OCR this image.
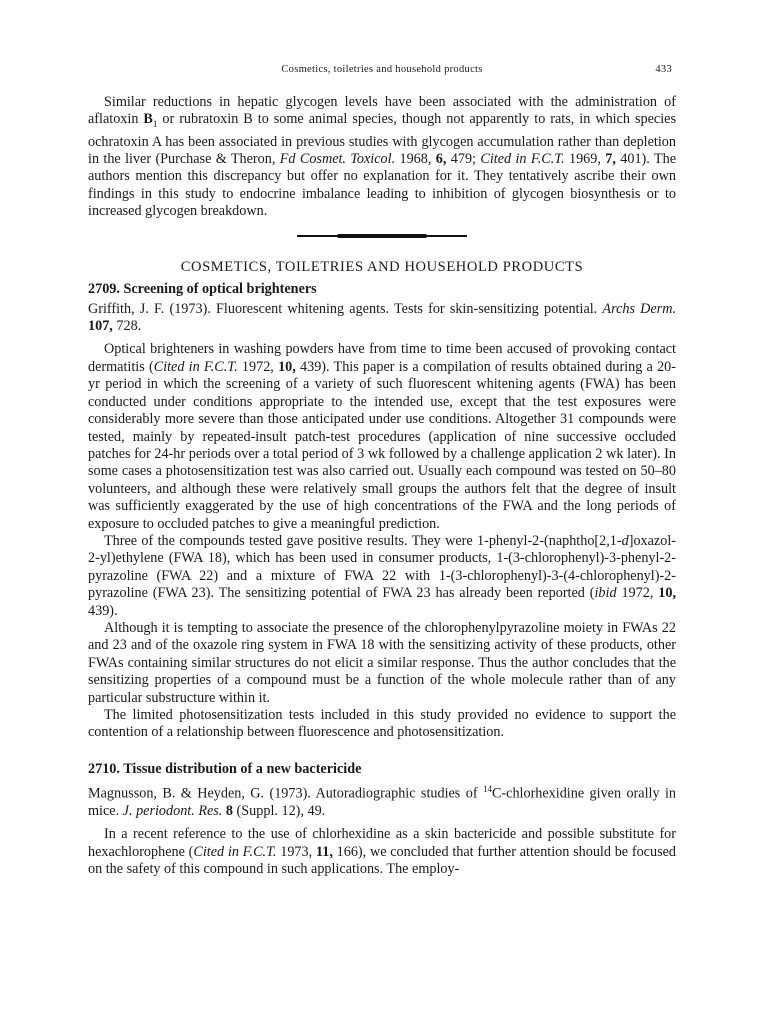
Cosmetics, toiletries and household products	433

Similar reductions in hepatic glycogen levels have been associated with the administration of aflatoxin $B_1$ or rubratoxin B to some animal species, though not apparently to rats, in which species ochratoxin A has been associated in previous studies with glycogen accumulation rather than depletion in the liver (Purchase & Theron, Fd Cosmet. Toxicol. 1968, 6, 479; Cited in F.C.T. 1969, 7, 401). The authors mention this discrepancy but offer no explanation for it. They tentatively ascribe their own findings in this study to endocrine imbalance leading to inhibition of glycogen biosynthesis or to increased glycogen breakdown.

COSMETICS, TOILETRIES AND HOUSEHOLD PRODUCTS
2709. Screening of optical brighteners

Griffith, J. F. (1973). Fluorescent whitening agents. Tests for skin-sensitizing potential. Archs Derm. 107, 728.

Optical brighteners in washing powders have from time to time been accused of provoking contact dermatitis (Cited in F.C.T. 1972, 10, 439). This paper is a compilation of results obtained during a 20-yr period in which the screening of a variety of such fluorescent whitening agents (FWA) has been conducted under conditions appropriate to the intended use, except that the test exposures were considerably more severe than those anticipated under use conditions. Altogether 31 compounds were tested, mainly by repeated-insult patch-test procedures (application of nine successive occluded patches for 24-hr periods over a total period of 3 wk followed by a challenge application 2 wk later). In some cases a photosensitization test was also carried out. Usually each compound was tested on 50–80 volunteers, and although these were relatively small groups the authors felt that the degree of insult was sufficiently exaggerated by the use of high concentrations of the FWA and the long periods of exposure to occluded patches to give a meaningful prediction.

Three of the compounds tested gave positive results. They were 1-phenyl-2-(naphtho[2,1-d]oxazol-2-yl)ethylene (FWA 18), which has been used in consumer products, 1-(3-chlorophenyl)-3-phenyl-2-pyrazoline (FWA 22) and a mixture of FWA 22 with 1-(3-chlorophenyl)-3-(4-chlorophenyl)-2-pyrazoline (FWA 23). The sensitizing potential of FWA 23 has already been reported (ibid 1972, 10, 439).

Although it is tempting to associate the presence of the chlorophenylpyrazoline moiety in FWAs 22 and 23 and of the oxazole ring system in FWA 18 with the sensitizing activity of these products, other FWAs containing similar structures do not elicit a similar response. Thus the author concludes that the sensitizing properties of a compound must be a function of the whole molecule rather than of any particular substructure within it.

The limited photosensitization tests included in this study provided no evidence to support the contention of a relationship between fluorescence and photosensitization.

2710. Tissue distribution of a new bactericide

Magnusson, B. & Heyden, G. (1973). Autoradiographic studies of $^{14}$C-chlorhexidine given orally in mice. J. periodont. Res. 8 (Suppl. 12), 49.

In a recent reference to the use of chlorhexidine as a skin bactericide and possible substitute for hexachlorophene (Cited in F.C.T. 1973, 11, 166), we concluded that further attention should be focused on the safety of this compound in such applications. The employ-
